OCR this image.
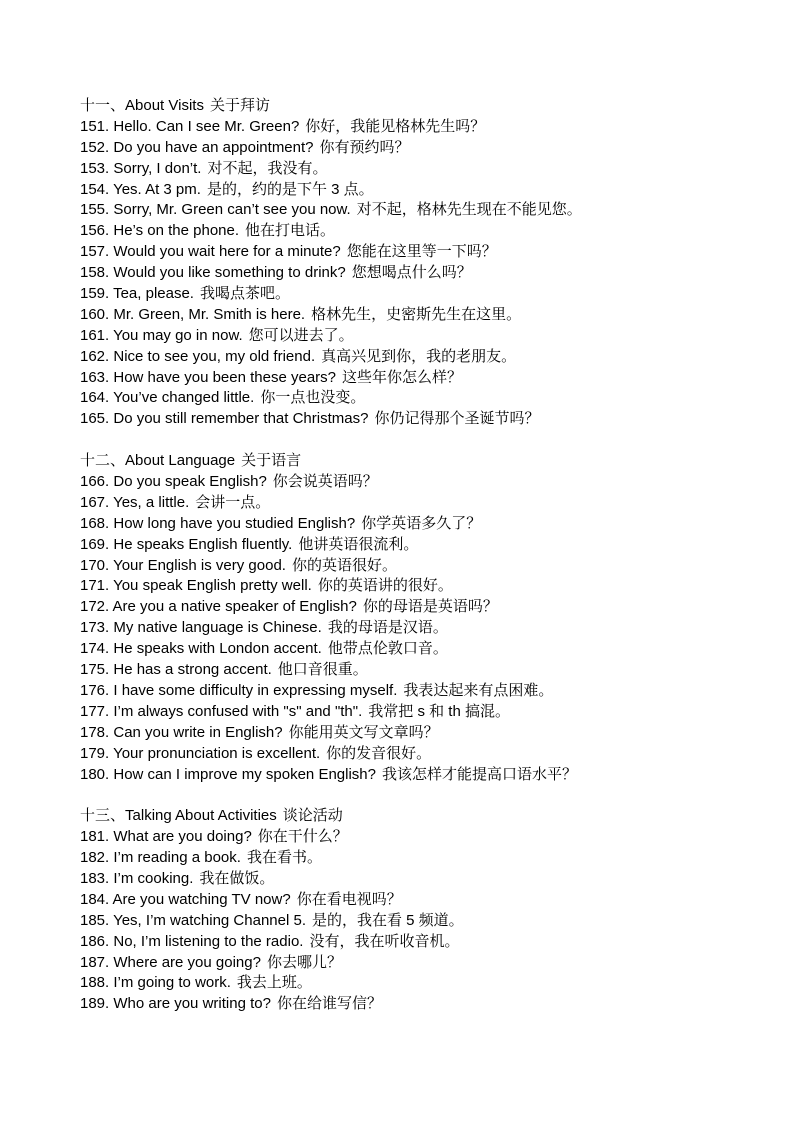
十一、About Visits 关于拜访
151. Hello. Can I see Mr. Green? 你好，我能见格林先生吗？
152. Do you have an appointment? 你有预约吗？
153. Sorry, I don’t. 对不起，我没有。
154. Yes. At 3 pm. 是的，约的是下午 3 点。
155. Sorry, Mr. Green can’t see you now. 对不起，格林先生现在不能见您。
156. He’s on the phone. 他在打电话。
157. Would you wait here for a minute? 您能在这里等一下吗？
158. Would you like something to drink? 您想喝点什么吗？
159. Tea, please. 我喝点茶吧。
160. Mr. Green, Mr. Smith is here. 格林先生，史密斯先生在这里。
161. You may go in now. 您可以进去了。
162. Nice to see you, my old friend. 真高兴见到你，我的老朋友。
163. How have you been these years? 这些年你怎么样？
164. You’ve changed little. 你一点也没变。
165. Do you still remember that Christmas? 你仍记得那个圣诞节吗？
十二、About Language 关于语言
166. Do you speak English? 你会说英语吗？
167. Yes, a little. 会讲一点。
168. How long have you studied English? 你学英语多久了？
169. He speaks English fluently. 他讲英语很流利。
170. Your English is very good. 你的英语很好。
171. You speak English pretty well. 你的英语讲的很好。
172. Are you a native speaker of English? 你的母语是英语吗？
173. My native language is Chinese. 我的母语是汉语。
174. He speaks with London accent. 他带点伦敦口音。
175. He has a strong accent. 他口音很重。
176. I have some difficulty in expressing myself. 我表达起来有点困难。
177. I’m always confused with "s" and "th". 我常把 s 和 th 搞混。
178. Can you write in English? 你能用英文写文章吗？
179. Your pronunciation is excellent. 你的发音很好。
180. How can I improve my spoken English? 我该怎样才能提高口语水平？
十三、Talking About Activities 谈论活动
181. What are you doing? 你在干什么？
182. I’m reading a book. 我在看书。
183. I’m cooking. 我在做饭。
184. Are you watching TV now? 你在看电视吗？
185. Yes, I’m watching Channel 5. 是的，我在看 5 频道。
186. No, I’m listening to the radio. 没有，我在听收音机。
187. Where are you going? 你去哪儿？
188. I’m going to work. 我去上班。
189. Who are you writing to? 你在给谁写信？
